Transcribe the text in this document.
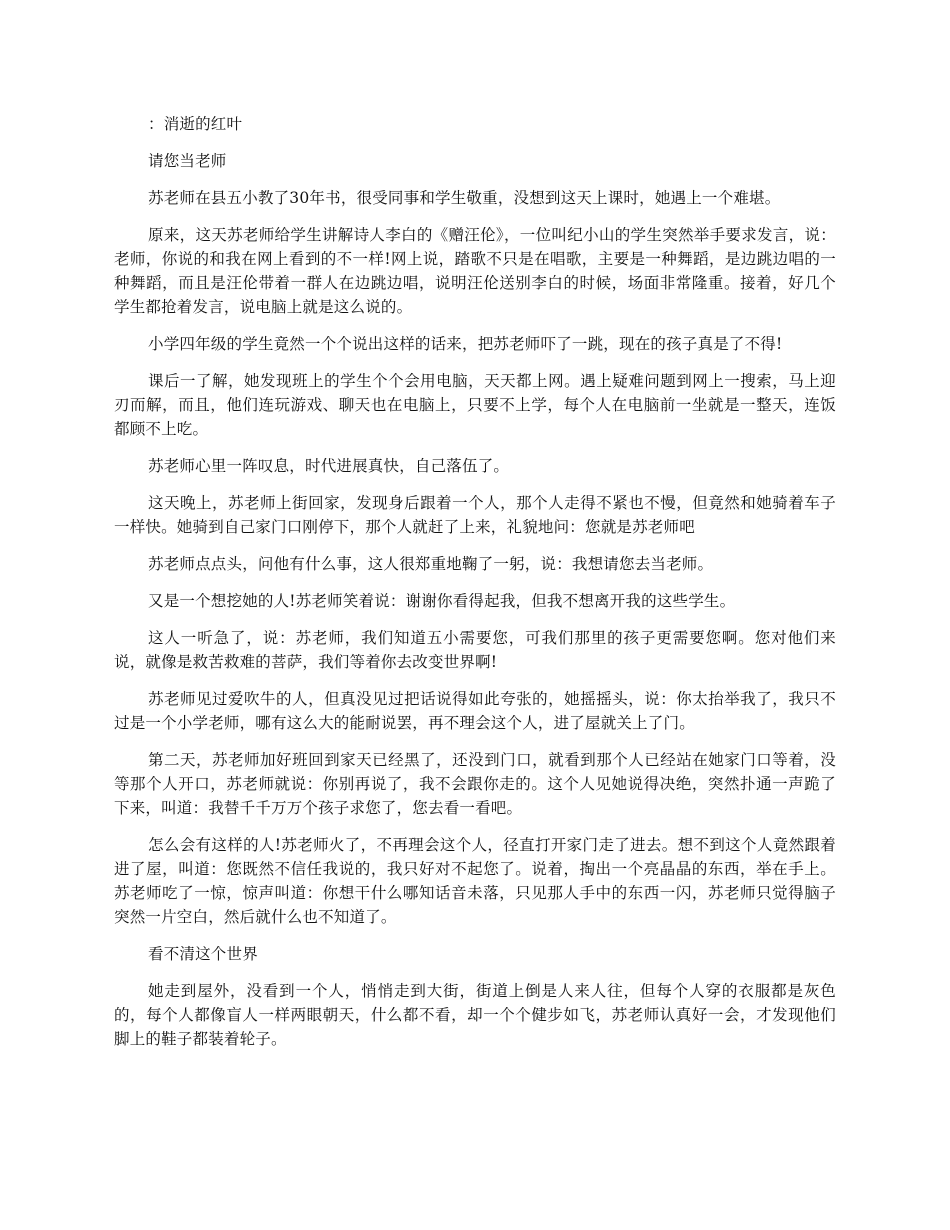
：消逝的红叶

请您当老师

苏老师在县五小教了30年书，很受同事和学生敬重，没想到这天上课时，她遇上一个难堪。

原来，这天苏老师给学生讲解诗人李白的《赠汪伦》，一位叫纪小山的学生突然举手要求发言，说：老师，你说的和我在网上看到的不一样!网上说，踏歌不只是在唱歌，主要是一种舞蹈，是边跳边唱的一种舞蹈，而且是汪伦带着一群人在边跳边唱，说明汪伦送别李白的时候，场面非常隆重。接着，好几个学生都抢着发言，说电脑上就是这么说的。

小学四年级的学生竟然一个个说出这样的话来，把苏老师吓了一跳，现在的孩子真是了不得!

课后一了解，她发现班上的学生个个会用电脑，天天都上网。遇上疑难问题到网上一搜索，马上迎刃而解，而且，他们连玩游戏、聊天也在电脑上，只要不上学，每个人在电脑前一坐就是一整天，连饭都顾不上吃。

苏老师心里一阵叹息，时代进展真快，自己落伍了。

这天晚上，苏老师上街回家，发现身后跟着一个人，那个人走得不紧也不慢，但竟然和她骑着车子一样快。她骑到自己家门口刚停下，那个人就赶了上来，礼貌地问：您就是苏老师吧

苏老师点点头，问他有什么事，这人很郑重地鞠了一躬，说：我想请您去当老师。

又是一个想挖她的人!苏老师笑着说：谢谢你看得起我，但我不想离开我的这些学生。

这人一听急了，说：苏老师，我们知道五小需要您，可我们那里的孩子更需要您啊。您对他们来说，就像是救苦救难的菩萨，我们等着你去改变世界啊!

苏老师见过爱吹牛的人，但真没见过把话说得如此夸张的，她摇摇头，说：你太抬举我了，我只不过是一个小学老师，哪有这么大的能耐说罢，再不理会这个人，进了屋就关上了门。

第二天，苏老师加好班回到家天已经黑了，还没到门口，就看到那个人已经站在她家门口等着，没等那个人开口，苏老师就说：你别再说了，我不会跟你走的。这个人见她说得决绝，突然扑通一声跪了下来，叫道：我替千千万万个孩子求您了，您去看一看吧。

怎么会有这样的人!苏老师火了，不再理会这个人，径直打开家门走了进去。想不到这个人竟然跟着进了屋，叫道：您既然不信任我说的，我只好对不起您了。说着，掏出一个亮晶晶的东西，举在手上。苏老师吃了一惊，惊声叫道：你想干什么哪知话音未落，只见那人手中的东西一闪，苏老师只觉得脑子突然一片空白，然后就什么也不知道了。

看不清这个世界

她走到屋外，没看到一个人，悄悄走到大街，街道上倒是人来人往，但每个人穿的衣服都是灰色的，每个人都像盲人一样两眼朝天，什么都不看，却一个个健步如飞，苏老师认真好一会，才发现他们脚上的鞋子都装着轮子。
